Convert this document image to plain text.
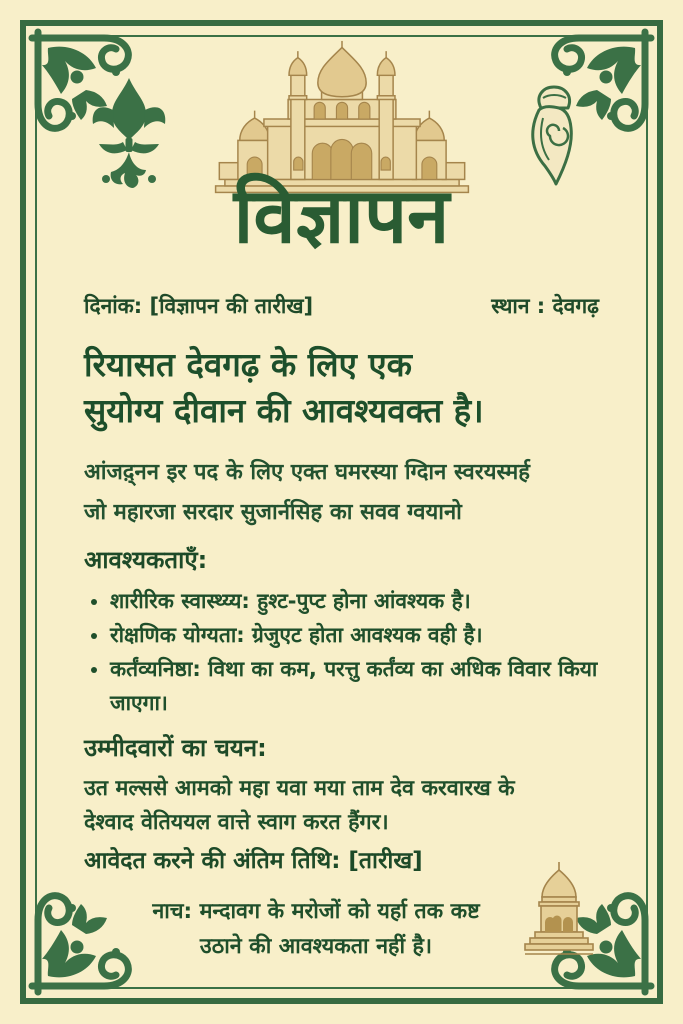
विज्ञापन
दिनांक: [विज्ञापन की तारीख]	स्थान : देवगढ़
रियासत देवगढ़ के लिए एक
सुयोग्य दीवान की आवश्यवक्त है।
आंजद़्नन इर पद के लिए एक्त घमरस्या ग्दिान स्वरयस्मर्ह
जो महारजा सरदार सुजार्नसिह का सवव ग्वयानो
आवश्यकताएँ:
• शारीरिक स्वास्थ्य्य: हुश्ट-पुप्ट होना आंवश्यक है।
• रोक्षणिक योग्यता: ग्रेजुएट होता आवश्यक वही है।
• कर्तंव्यनिष्ठा: विथा का कम, परत्तु कर्तंव्य का अधिक विवार किया जाएगा।
उम्मीदवारों का चयन:
उत मल्ससे आमको महा यवा मया ताम देव करवारख के
देश्वाद वेतिययल वात्ते स्वाग करत हैंगर।
आवेदत करने की अंतिम तिथि: [तारीख]
नाच: मन्दावग के मरोजों को यर्हा तक कष्ट
उठाने की आवश्यकता नहीं है।
